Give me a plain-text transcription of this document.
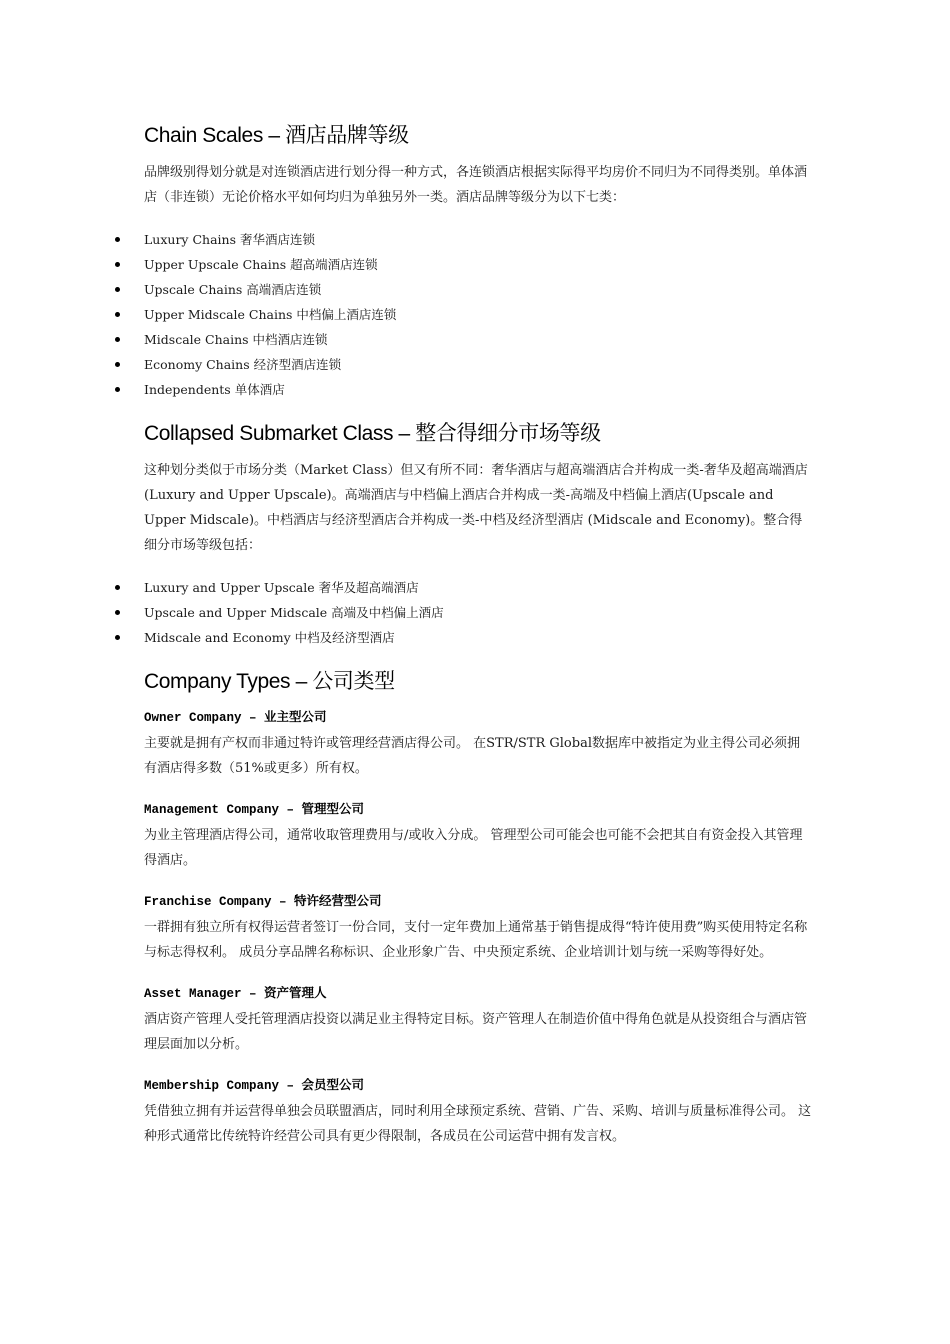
Chain Scales – 酒店品牌等级

品牌级别得划分就是对连锁酒店进行划分得一种方式，各连锁酒店根据实际得平均房价不同归为不同得类别。单体酒店（非连锁）无论价格水平如何均归为单独另外一类。酒店品牌等级分为以下七类：

Luxury Chains 奢华酒店连锁
Upper Upscale Chains 超高端酒店连锁
Upscale Chains 高端酒店连锁
Upper Midscale Chains 中档偏上酒店连锁
Midscale Chains 中档酒店连锁
Economy Chains 经济型酒店连锁
Independents 单体酒店
Collapsed Submarket Class – 整合得细分市场等级

这种划分类似于市场分类（Market Class）但又有所不同：奢华酒店与超高端酒店合并构成一类-奢华及超高端酒店(Luxury and Upper Upscale)。高端酒店与中档偏上酒店合并构成一类-高端及中档偏上酒店(Upscale and Upper Midscale)。中档酒店与经济型酒店合并构成一类-中档及经济型酒店 (Midscale and Economy)。整合得细分市场等级包括：

Luxury and Upper Upscale 奢华及超高端酒店
Upscale and Upper Midscale 高端及中档偏上酒店
Midscale and Economy 中档及经济型酒店
Company Types – 公司类型

Owner Company – 业主型公司

主要就是拥有产权而非通过特许或管理经营酒店得公司。 在STR/STR Global数据库中被指定为业主得公司必须拥有酒店得多数（51%或更多）所有权。

Management Company – 管理型公司

为业主管理酒店得公司，通常收取管理费用与/或收入分成。 管理型公司可能会也可能不会把其自有资金投入其管理得酒店。

Franchise Company – 特许经营型公司

一群拥有独立所有权得运营者签订一份合同，支付一定年费加上通常基于销售提成得“特许使用费”购买使用特定名称与标志得权利。 成员分享品牌名称标识、企业形象广告、中央预定系统、企业培训计划与统一采购等得好处。

Asset Manager – 资产管理人

酒店资产管理人受托管理酒店投资以满足业主得特定目标。资产管理人在制造价值中得角色就是从投资组合与酒店管理层面加以分析。

Membership Company – 会员型公司

凭借独立拥有并运营得单独会员联盟酒店，同时利用全球预定系统、营销、广告、采购、培训与质量标准得公司。 这种形式通常比传统特许经营公司具有更少得限制，各成员在公司运营中拥有发言权。
